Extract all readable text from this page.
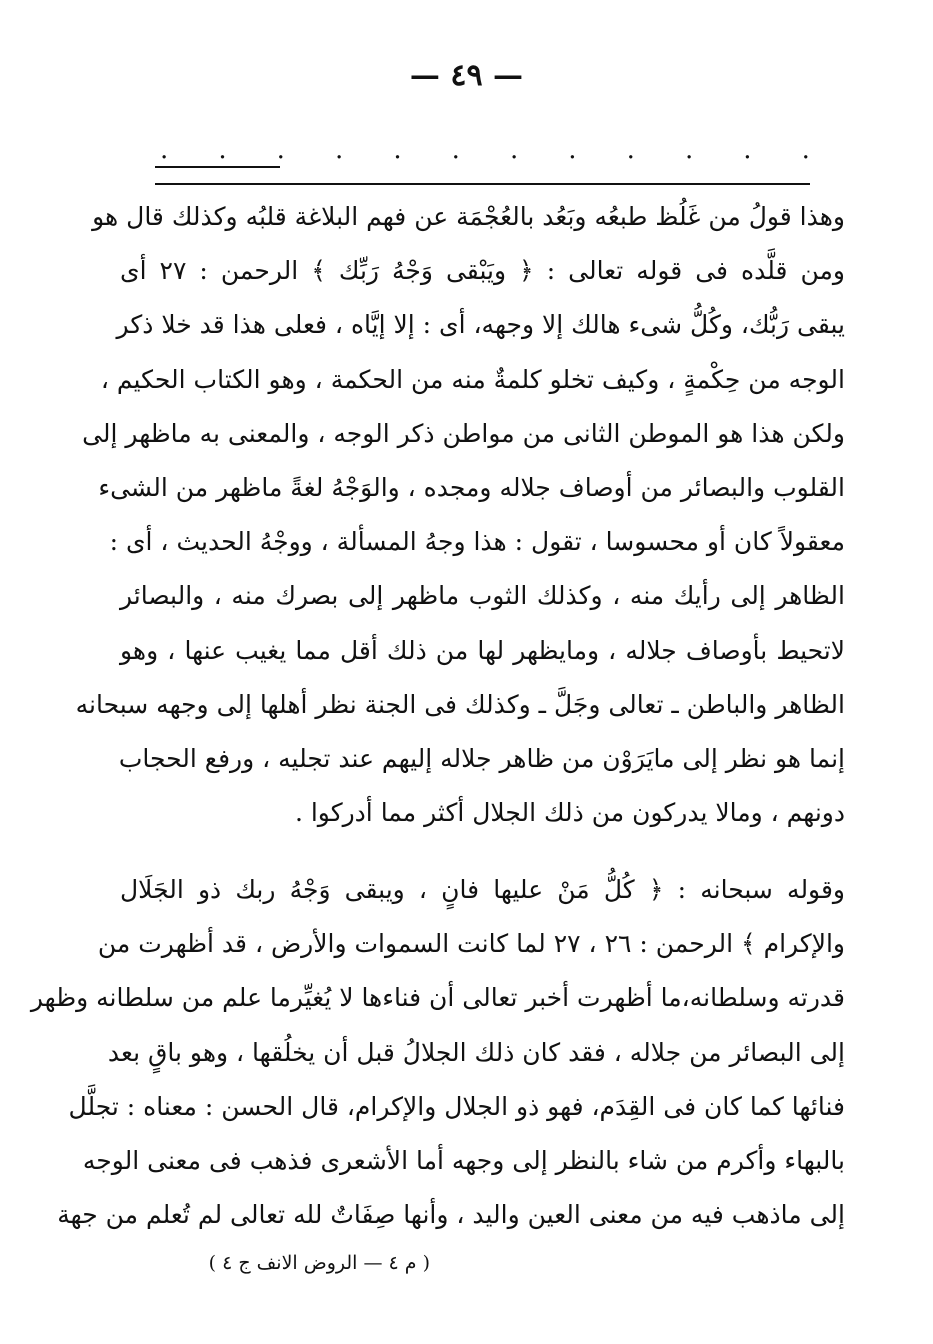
— ٤٩ —
. . . . . . . . . . . .
وهذا قولُ من غَلُظ طبعُه وبَعُد بالعُجْمَة عن فهم البلاغة قلبُه وكذلك قال هو
ومن قلَّده فى قوله تعالى : ﴿ ويَبْقى وَجْهُ رَبِّك ﴾ الرحمن : ٢٧ أى
يبقى رَبُّك، وكُلُّ شىء هالك إلا وجهه، أى : إلا إيَّاه ، فعلى هذا قد خلا ذكر
الوجه من حِكْمةٍ ، وكيف تخلو كلمةٌ منه من الحكمة ، وهو الكتاب الحكيم ،
ولكن هذا هو الموطن الثانى من مواطن ذكر الوجه ، والمعنى به ماظهر إلى
القلوب والبصائر من أوصاف جلاله ومجده ، والوَجْهُ لغةً ماظهر من الشىء
معقولاً كان أو محسوسا ، تقول : هذا وجهُ المسألة ، ووجْهُ الحديث ، أى :
الظاهر إلى رأيك منه ، وكذلك الثوب ماظهر إلى بصرك منه ، والبصائر
لاتحيط بأوصاف جلاله ، ومايظهر لها من ذلك أقل مما يغيب عنها ، وهو
الظاهر والباطن ـ تعالى وجَلَّ ـ وكذلك فى الجنة نظر أهلها إلى وجهه سبحانه
إنما هو نظر إلى مايَرَوْن من ظاهر جلاله إليهم عند تجليه ، ورفع الحجاب
دونهم ، ومالا يدركون من ذلك الجلال أكثر مما أدركوا .
وقوله سبحانه : ﴿ كُلُّ مَنْ عليها فانٍ ، ويبقى وَجْهُ ربك ذو الجَلَال
والإكرام ﴾ الرحمن : ٢٦ ، ٢٧ لما كانت السموات والأرض ، قد أظهرت من
قدرته وسلطانه،ما أظهرت أخبر تعالى أن فناءها لا يُغيِّرما علم من سلطانه وظهر
إلى البصائر من جلاله ، فقد كان ذلك الجلالُ قبل أن يخلُقها ، وهو باقٍ بعد
فنائها كما كان فى القِدَم، فهو ذو الجلال والإكرام، قال الحسن : معناه : تجلَّل
بالبهاء وأكرم من شاء بالنظر إلى وجهه أما الأشعرى فذهب فى معنى الوجه
إلى ماذهب فيه من معنى العين واليد ، وأنها صِفَاتٌ لله تعالى لم تُعلم من جهة
( م ٤ — الروض الانف ج ٤ )
